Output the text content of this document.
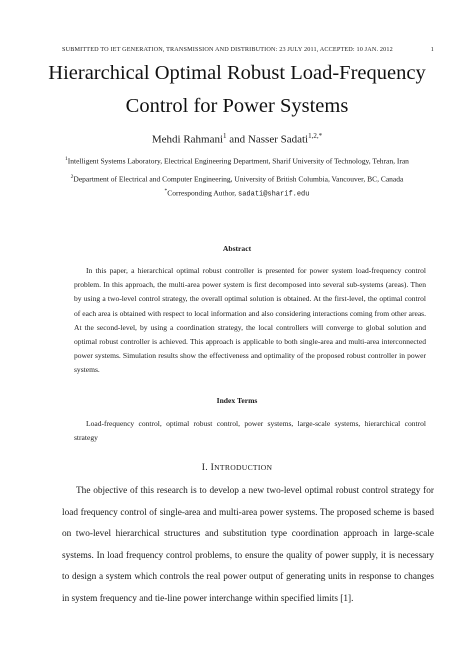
SUBMITTED TO IET GENERATION, TRANSMISSION AND DISTRIBUTION: 23 JULY 2011, ACCEPTED: 10 JAN. 2012	1
Hierarchical Optimal Robust Load-Frequency
Control for Power Systems
Mehdi Rahmani$^1$ and Nasser Sadati$^{1,2,*}$
$^1$Intelligent Systems Laboratory, Electrical Engineering Department, Sharif University of Technology, Tehran, Iran
$^2$Department of Electrical and Computer Engineering, University of British Columbia, Vancouver, BC, Canada
*Corresponding Author, sadati@sharif.edu
Abstract
In this paper, a hierarchical optimal robust controller is presented for power system load-frequency control problem. In this approach, the multi-area power system is first decomposed into several sub-systems (areas). Then by using a two-level control strategy, the overall optimal solution is obtained. At the first-level, the optimal control of each area is obtained with respect to local information and also considering interactions coming from other areas. At the second-level, by using a coordination strategy, the local controllers will converge to global solution and optimal robust controller is achieved. This approach is applicable to both single-area and multi-area interconnected power systems. Simulation results show the effectiveness and optimality of the proposed robust controller in power systems.
Index Terms
Load-frequency control, optimal robust control, power systems, large-scale systems, hierarchical control strategy
I. INTRODUCTION
The objective of this research is to develop a new two-level optimal robust control strategy for load frequency control of single-area and multi-area power systems. The proposed scheme is based on two-level hierarchical structures and substitution type coordination approach in large-scale systems. In load frequency control problems, to ensure the quality of power supply, it is necessary to design a system which controls the real power output of generating units in response to changes in system frequency and tie-line power interchange within specified limits [1].
